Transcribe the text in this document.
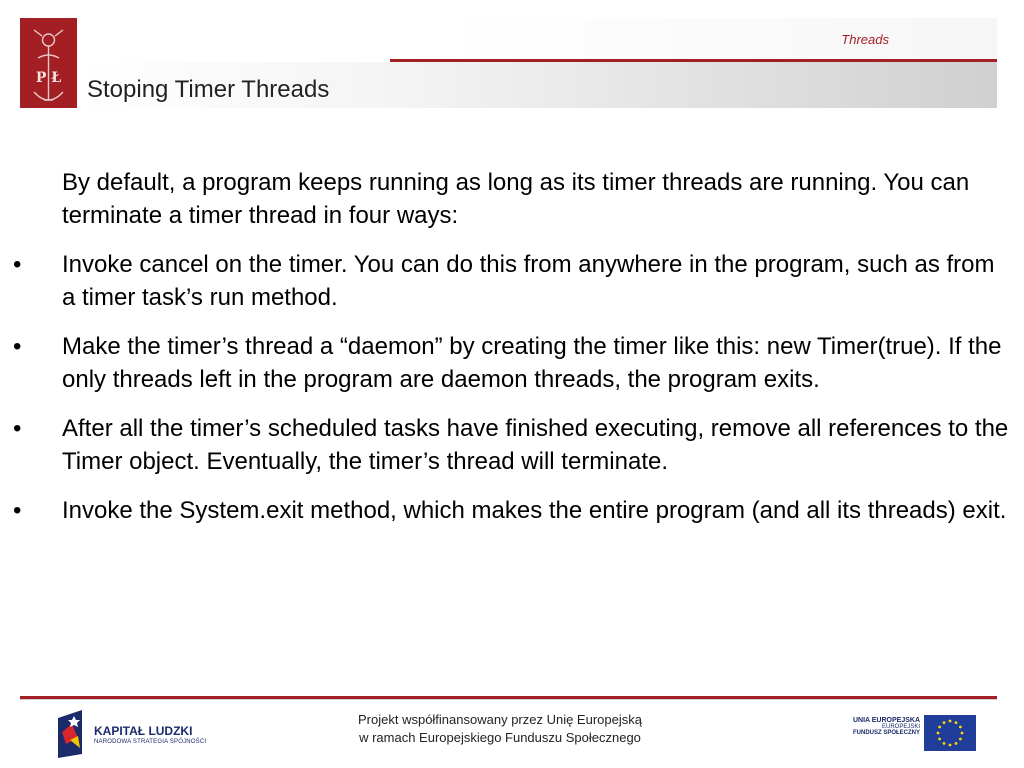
P Ł
Threads
Stoping Timer Threads
By default, a program keeps running as long as its timer threads are running. You can terminate a timer thread in four ways:
• Invoke cancel on the timer. You can do this from anywhere in the program, such as from a timer task’s run method.
• Make the timer’s thread a “daemon” by creating the timer like this: new Timer(true). If the only threads left in the program are daemon threads, the program exits.
• After all the timer’s scheduled tasks have finished executing, remove all references to the Timer object. Eventually, the timer’s thread will terminate.
• Invoke the System.exit method, which makes the entire program (and all its threads) exit.
KAPITAŁ LUDZKI
NARODOWA STRATEGIA SPÓJNOŚCI
Projekt współfinansowany przez Unię Europejską
w ramach Europejskiego Funduszu Społecznego
UNIA EUROPEJSKA
EUROPEJSKI
FUNDUSZ SPOŁECZNY
